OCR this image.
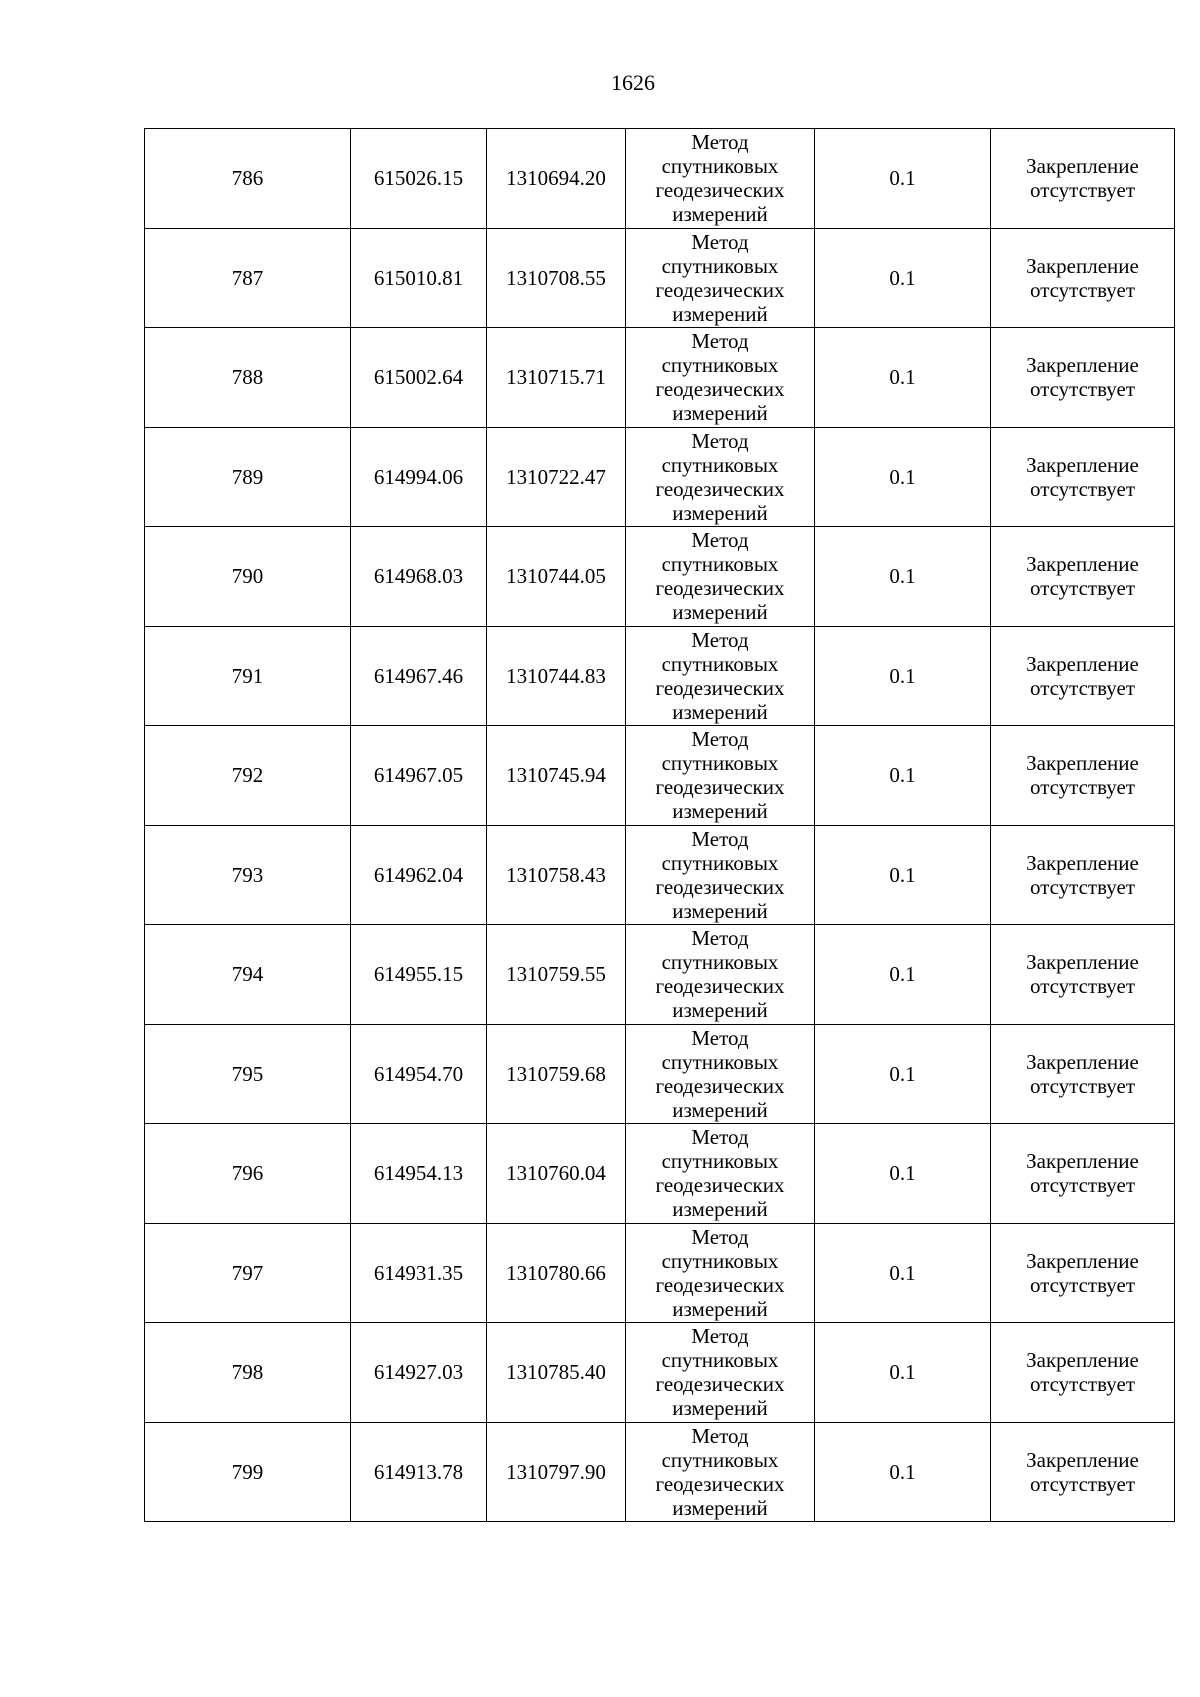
1626
786	615026.15	1310694.20	Метод
спутниковых
геодезических
измерений	0.1	Закрепление
отсутствует

787	615010.81	1310708.55	Метод
спутниковых
геодезических
измерений	0.1	Закрепление
отсутствует

788	615002.64	1310715.71	Метод
спутниковых
геодезических
измерений	0.1	Закрепление
отсутствует

789	614994.06	1310722.47	Метод
спутниковых
геодезических
измерений	0.1	Закрепление
отсутствует

790	614968.03	1310744.05	Метод
спутниковых
геодезических
измерений	0.1	Закрепление
отсутствует

791	614967.46	1310744.83	Метод
спутниковых
геодезических
измерений	0.1	Закрепление
отсутствует

792	614967.05	1310745.94	Метод
спутниковых
геодезических
измерений	0.1	Закрепление
отсутствует

793	614962.04	1310758.43	Метод
спутниковых
геодезических
измерений	0.1	Закрепление
отсутствует

794	614955.15	1310759.55	Метод
спутниковых
геодезических
измерений	0.1	Закрепление
отсутствует

795	614954.70	1310759.68	Метод
спутниковых
геодезических
измерений	0.1	Закрепление
отсутствует

796	614954.13	1310760.04	Метод
спутниковых
геодезических
измерений	0.1	Закрепление
отсутствует

797	614931.35	1310780.66	Метод
спутниковых
геодезических
измерений	0.1	Закрепление
отсутствует

798	614927.03	1310785.40	Метод
спутниковых
геодезических
измерений	0.1	Закрепление
отсутствует

799	614913.78	1310797.90	Метод
спутниковых
геодезических
измерений	0.1	Закрепление
отсутствует
